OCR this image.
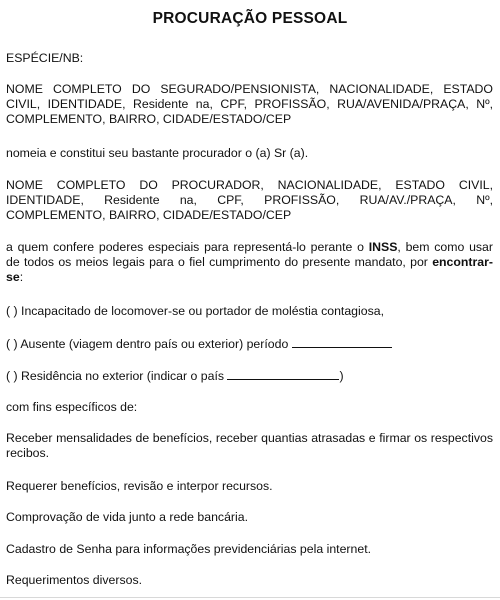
PROCURAÇÃO PESSOAL

ESPÉCIE/NB:

NOME COMPLETO DO SEGURADO/PENSIONISTA, NACIONALIDADE, ESTADO CIVIL, IDENTIDADE, Residente na, CPF, PROFISSÃO, RUA/AVENIDA/PRAÇA, Nº, COMPLEMENTO, BAIRRO, CIDADE/ESTADO/CEP

nomeia e constitui seu bastante procurador o (a) Sr (a).

NOME COMPLETO DO PROCURADOR, NACIONALIDADE, ESTADO CIVIL, IDENTIDADE, Residente na, CPF, PROFISSÃO, RUA/AV./PRAÇA, Nº, COMPLEMENTO, BAIRRO, CIDADE/ESTADO/CEP

a quem confere poderes especiais para representá-lo perante o INSS, bem como usar de todos os meios legais para o fiel cumprimento do presente mandato, por encontrar-se:

( ) Incapacitado de locomover-se ou portador de moléstia contagiosa,

( ) Ausente (viagem dentro país ou exterior) período

( ) Residência no exterior (indicar o país	)

com fins específicos de:

Receber mensalidades de benefícios, receber quantias atrasadas e firmar os respectivos recibos.

Requerer benefícios, revisão e interpor recursos.

Comprovação de vida junto a rede bancária.

Cadastro de Senha para informações previdenciárias pela internet.

Requerimentos diversos.
